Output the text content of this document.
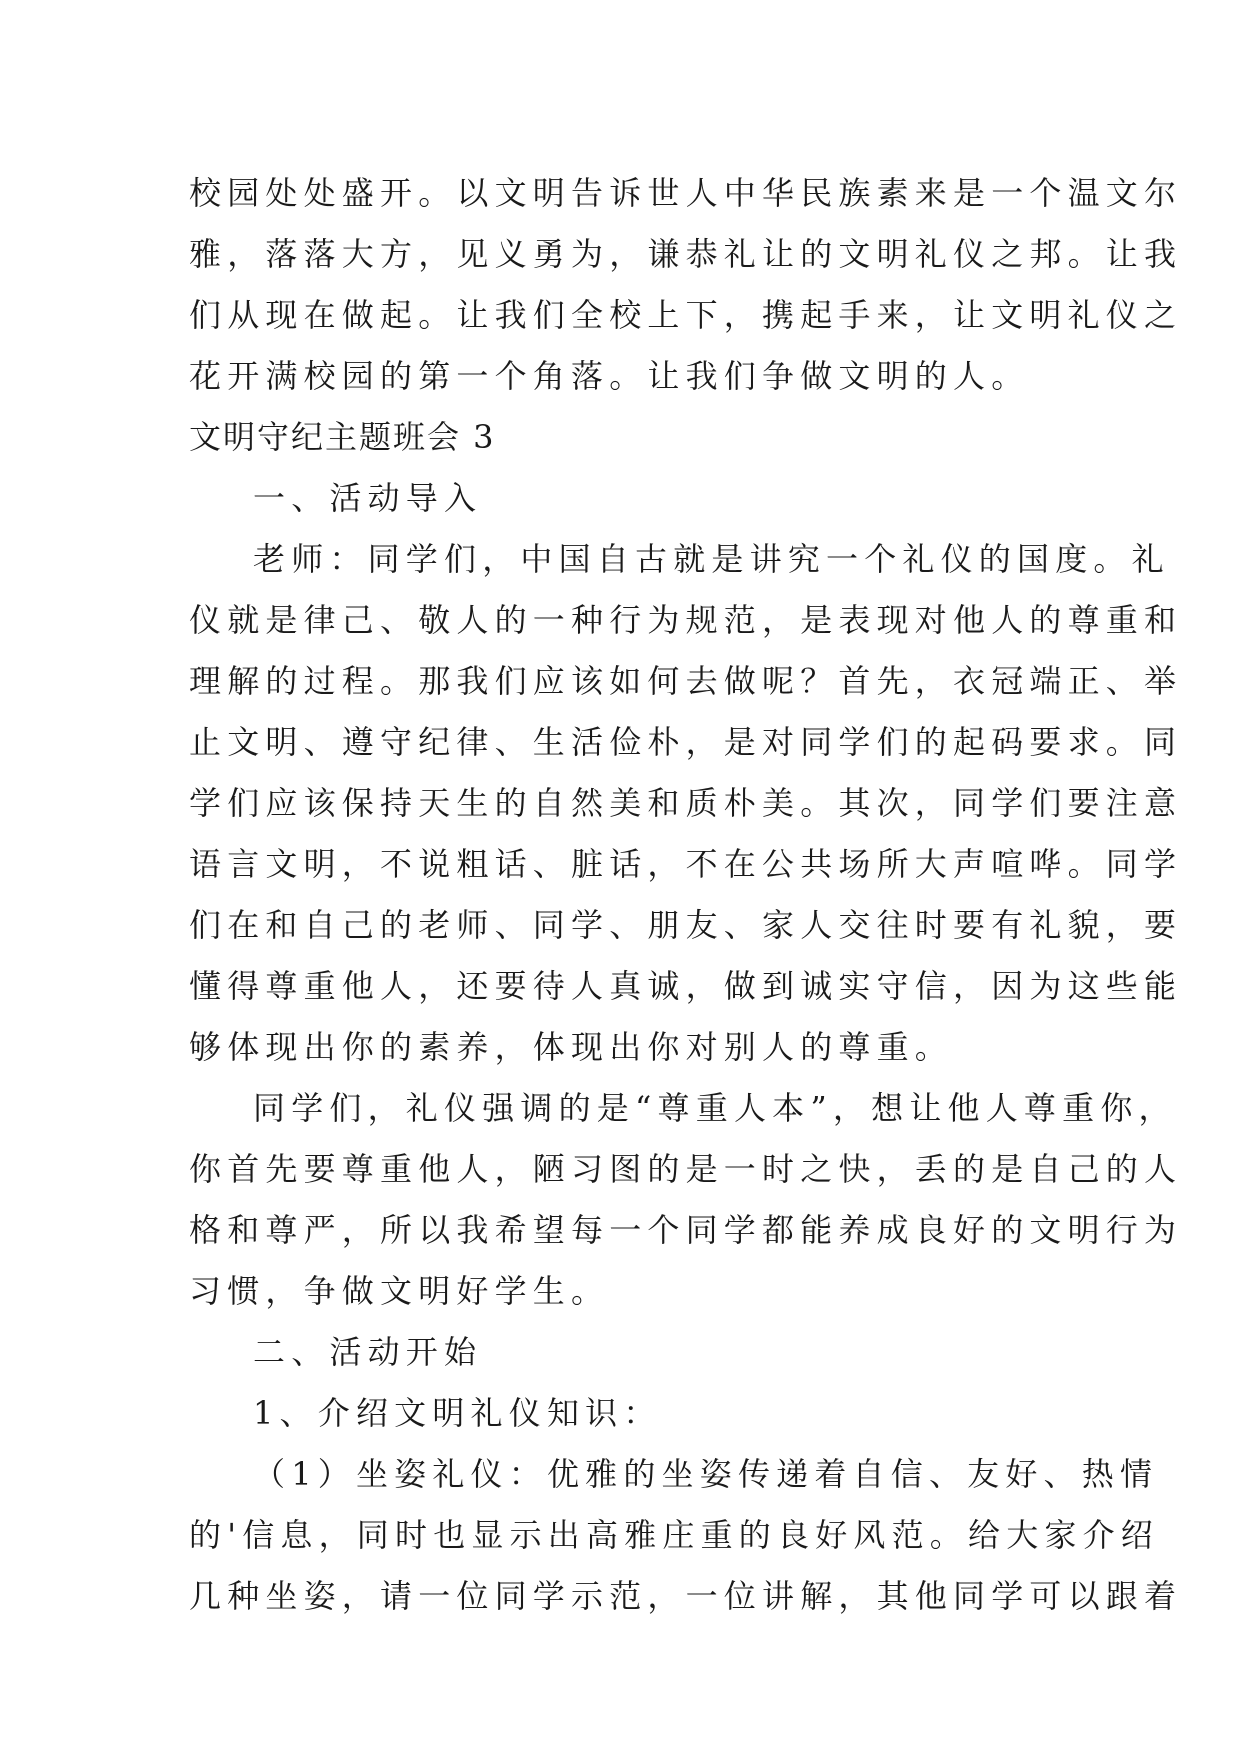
校园处处盛开。以文明告诉世人中华民族素来是一个温文尔
雅，落落大方，见义勇为，谦恭礼让的文明礼仪之邦。让我
们从现在做起。让我们全校上下，携起手来，让文明礼仪之
花开满校园的第一个角落。让我们争做文明的人。
文明守纪主题班会 3
一、活动导入
老师：同学们，中国自古就是讲究一个礼仪的国度。礼
仪就是律己、敬人的一种行为规范，是表现对他人的尊重和
理解的过程。那我们应该如何去做呢？首先，衣冠端正、举
止文明、遵守纪律、生活俭朴，是对同学们的起码要求。同
学们应该保持天生的自然美和质朴美。其次，同学们要注意
语言文明，不说粗话、脏话，不在公共场所大声喧哗。同学
们在和自己的老师、同学、朋友、家人交往时要有礼貌，要
懂得尊重他人，还要待人真诚，做到诚实守信，因为这些能
够体现出你的素养，体现出你对别人的尊重。
同学们，礼仪强调的是“尊重人本”，想让他人尊重你，
你首先要尊重他人，陋习图的是一时之快，丢的是自己的人
格和尊严，所以我希望每一个同学都能养成良好的文明行为
习惯，争做文明好学生。
二、活动开始
1、介绍文明礼仪知识：
（1）坐姿礼仪：优雅的坐姿传递着自信、友好、热情
的'信息，同时也显示出高雅庄重的良好风范。给大家介绍
几种坐姿，请一位同学示范，一位讲解，其他同学可以跟着
